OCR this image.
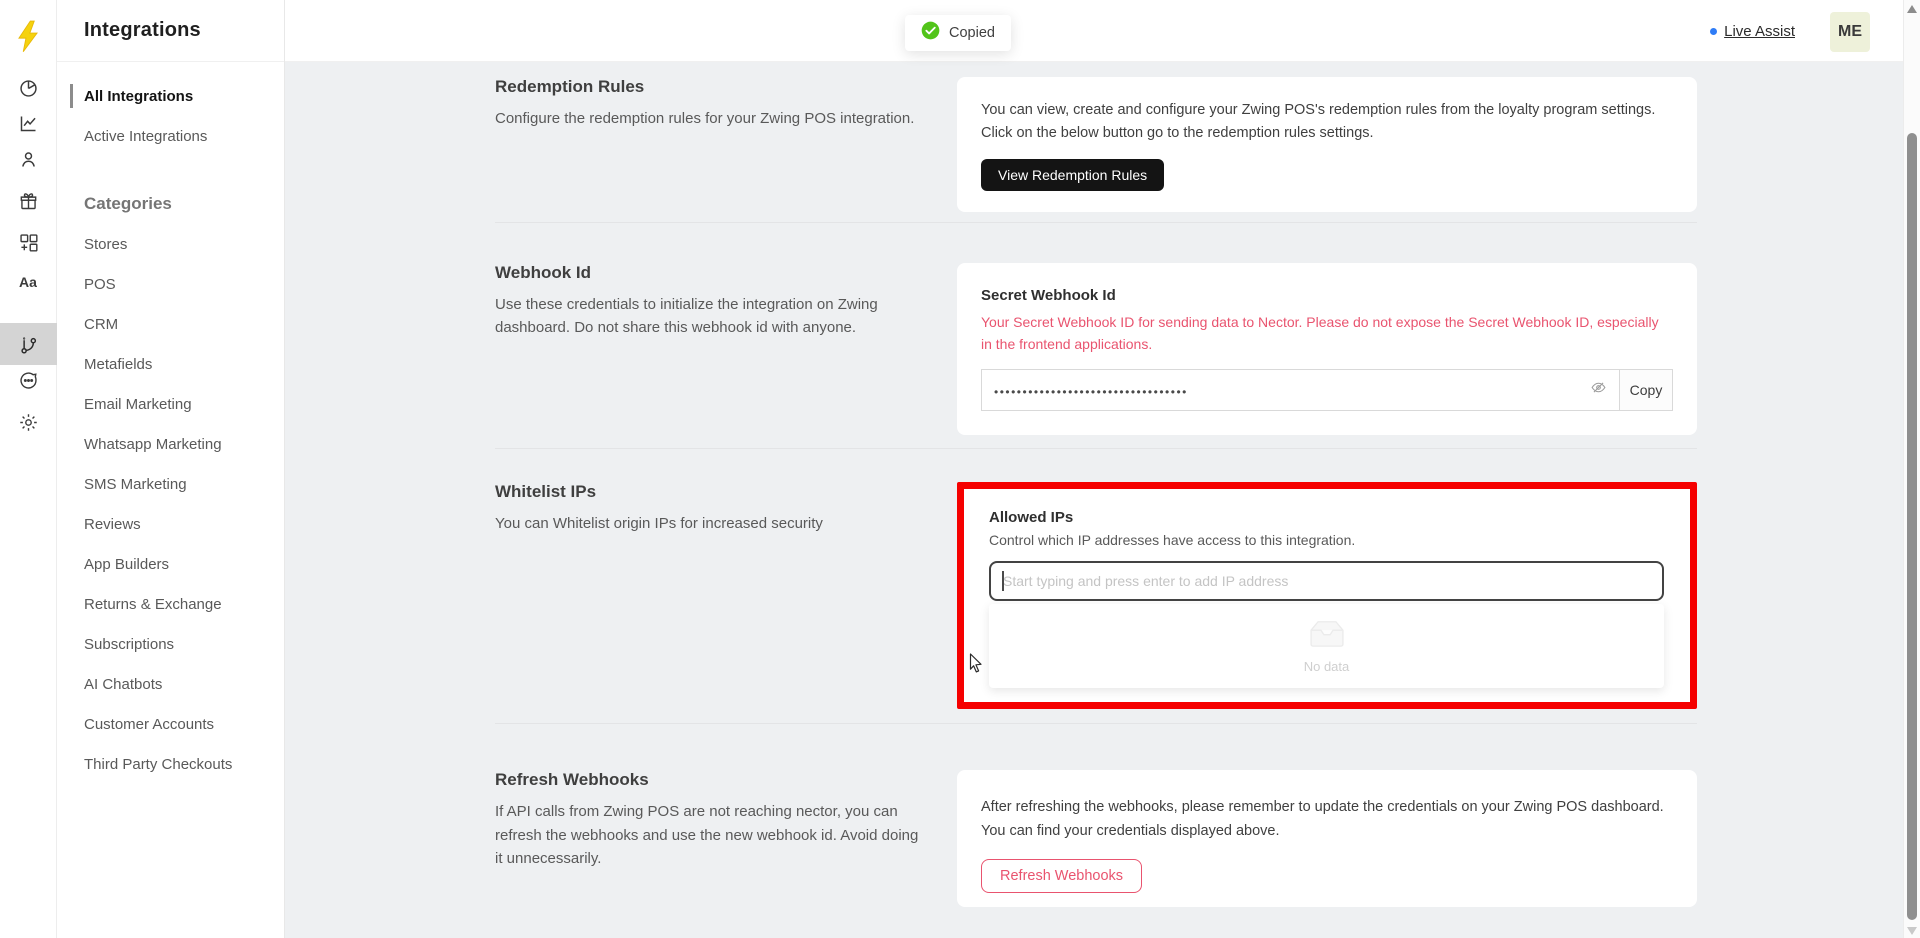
Aa
Integrations
All Integrations
Active Integrations
Categories
Stores
POS
CRM
Metafields
Email Marketing
Whatsapp Marketing
SMS Marketing
Reviews
App Builders
Returns & Exchange
Subscriptions
AI Chatbots
Customer Accounts
Third Party Checkouts
Live Assist	ME
Redemption Rules

Configure the redemption rules for your Zwing POS integration.	You can view, create and configure your Zwing POS's redemption rules from the loyalty program settings. Click on the below button go to the redemption rules settings.

View Redemption Rules
Webhook Id

Use these credentials to initialize the integration on Zwing dashboard. Do not share this webhook id with anyone.

Secret Webhook Id

Your Secret Webhook ID for sending data to Nector. Please do not expose the Secret Webhook ID, especially in the frontend applications.

••••••••••••••••••••••••••••••••••	Copy
Whitelist IPs

You can Whitelist origin IPs for increased security	Allowed IPs

Control which IP addresses have access to this integration.

Start typing and press enter to add IP address
No data
Refresh Webhooks

If API calls from Zwing POS are not reaching nector, you can refresh the webhooks and use the new webhook id. Avoid doing it unnecessarily.

After refreshing the webhooks, please remember to update the credentials on your Zwing POS dashboard. You can find your credentials displayed above.

Refresh Webhooks
Copied
